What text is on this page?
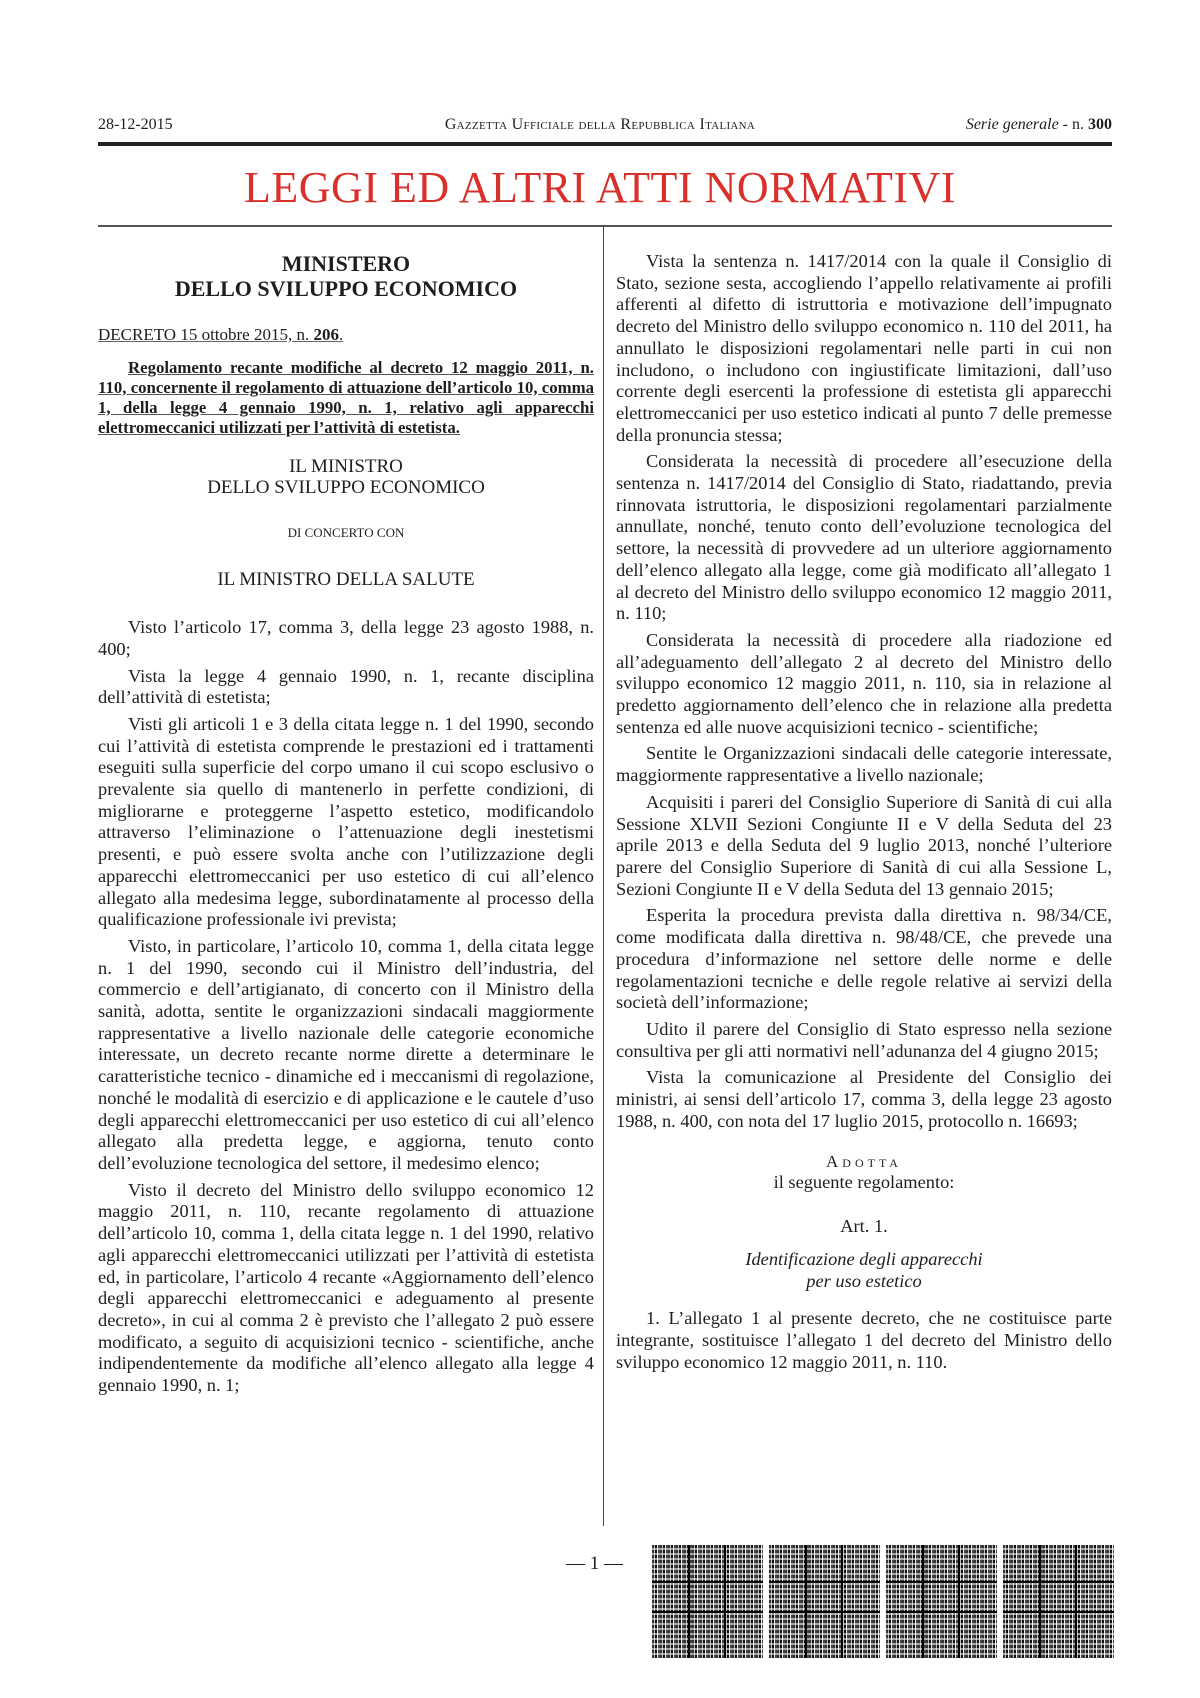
28-12-2015	Gazzetta Ufficiale della Repubblica Italiana	Serie generale - n. 300
LEGGI ED ALTRI ATTI NORMATIVI
MINISTERO
DELLO SVILUPPO ECONOMICO
DECRETO 15 ottobre 2015, n. 206.
Regolamento recante modifiche al decreto 12 maggio 2011, n. 110, concernente il regolamento di attuazione dell’articolo 10, comma 1, della legge 4 gennaio 1990, n. 1, relativo agli apparecchi elettromeccanici utilizzati per l’attività di estetista.
IL MINISTRO
DELLO SVILUPPO ECONOMICO
DI CONCERTO CON
IL MINISTRO DELLA SALUTE

Visto l’articolo 17, comma 3, della legge 23 agosto 1988, n. 400;

Vista la legge 4 gennaio 1990, n. 1, recante disciplina dell’attività di estetista;

Visti gli articoli 1 e 3 della citata legge n. 1 del 1990, secondo cui l’attività di estetista comprende le prestazioni ed i trattamenti eseguiti sulla superficie del corpo umano il cui scopo esclusivo o prevalente sia quello di mantenerlo in perfette condizioni, di migliorarne e proteggerne l’aspetto estetico, modificandolo attraverso l’eliminazione o l’attenuazione degli inestetismi presenti, e può essere svolta anche con l’utilizzazione degli apparecchi elettromeccanici per uso estetico di cui all’elenco allegato alla medesima legge, subordinatamente al processo della qualificazione professionale ivi prevista;

Visto, in particolare, l’articolo 10, comma 1, della citata legge n. 1 del 1990, secondo cui il Ministro dell’industria, del commercio e dell’artigianato, di concerto con il Ministro della sanità, adotta, sentite le organizzazioni sindacali maggiormente rappresentative a livello nazionale delle categorie economiche interessate, un decreto recante norme dirette a determinare le caratteristiche tecnico - dinamiche ed i meccanismi di regolazione, nonché le modalità di esercizio e di applicazione e le cautele d’uso degli apparecchi elettromeccanici per uso estetico di cui all’elenco allegato alla predetta legge, e aggiorna, tenuto conto dell’evoluzione tecnologica del settore, il medesimo elenco;

Visto il decreto del Ministro dello sviluppo economico 12 maggio 2011, n. 110, recante regolamento di attuazione dell’articolo 10, comma 1, della citata legge n. 1 del 1990, relativo agli apparecchi elettromeccanici utilizzati per l’attività di estetista ed, in particolare, l’articolo 4 recante «Aggiornamento dell’elenco degli apparecchi elettromeccanici e adeguamento al presente decreto», in cui al comma 2 è previsto che l’allegato 2 può essere modificato, a seguito di acquisizioni tecnico - scientifiche, anche indipendentemente da modifiche all’elenco allegato alla legge 4 gennaio 1990, n. 1;

Vista la sentenza n. 1417/2014 con la quale il Consiglio di Stato, sezione sesta, accogliendo l’appello relativamente ai profili afferenti al difetto di istruttoria e motivazione dell’impugnato decreto del Ministro dello sviluppo economico n. 110 del 2011, ha annullato le disposizioni regolamentari nelle parti in cui non includono, o includono con ingiustificate limitazioni, dall’uso corrente degli esercenti la professione di estetista gli apparecchi elettromeccanici per uso estetico indicati al punto 7 delle premesse della pronuncia stessa;

Considerata la necessità di procedere all’esecuzione della sentenza n. 1417/2014 del Consiglio di Stato, riadattando, previa rinnovata istruttoria, le disposizioni regolamentari parzialmente annullate, nonché, tenuto conto dell’evoluzione tecnologica del settore, la necessità di provvedere ad un ulteriore aggiornamento dell’elenco allegato alla legge, come già modificato all’allegato 1 al decreto del Ministro dello sviluppo economico 12 maggio 2011, n. 110;

Considerata la necessità di procedere alla riadozione ed all’adeguamento dell’allegato 2 al decreto del Ministro dello sviluppo economico 12 maggio 2011, n. 110, sia in relazione al predetto aggiornamento dell’elenco che in relazione alla predetta sentenza ed alle nuove acquisizioni tecnico - scientifiche;

Sentite le Organizzazioni sindacali delle categorie interessate, maggiormente rappresentative a livello nazionale;

Acquisiti i pareri del Consiglio Superiore di Sanità di cui alla Sessione XLVII Sezioni Congiunte II e V della Seduta del 23 aprile 2013 e della Seduta del 9 luglio 2013, nonché l’ulteriore parere del Consiglio Superiore di Sanità di cui alla Sessione L, Sezioni Congiunte II e V della Seduta del 13 gennaio 2015;

Esperita la procedura prevista dalla direttiva n. 98/34/CE, come modificata dalla direttiva n. 98/48/CE, che prevede una procedura d’informazione nel settore delle norme e delle regolamentazioni tecniche e delle regole relative ai servizi della società dell’informazione;

Udito il parere del Consiglio di Stato espresso nella sezione consultiva per gli atti normativi nell’adunanza del 4 giugno 2015;

Vista la comunicazione al Presidente del Consiglio dei ministri, ai sensi dell’articolo 17, comma 3, della legge 23 agosto 1988, n. 400, con nota del 17 luglio 2015, protocollo n. 16693;

Adotta
il seguente regolamento:
Art. 1.
Identificazione degli apparecchi
per uso estetico

1. L’allegato 1 al presente decreto, che ne costituisce parte integrante, sostituisce l’allegato 1 del decreto del Ministro dello sviluppo economico 12 maggio 2011, n. 110.

— 1 —
